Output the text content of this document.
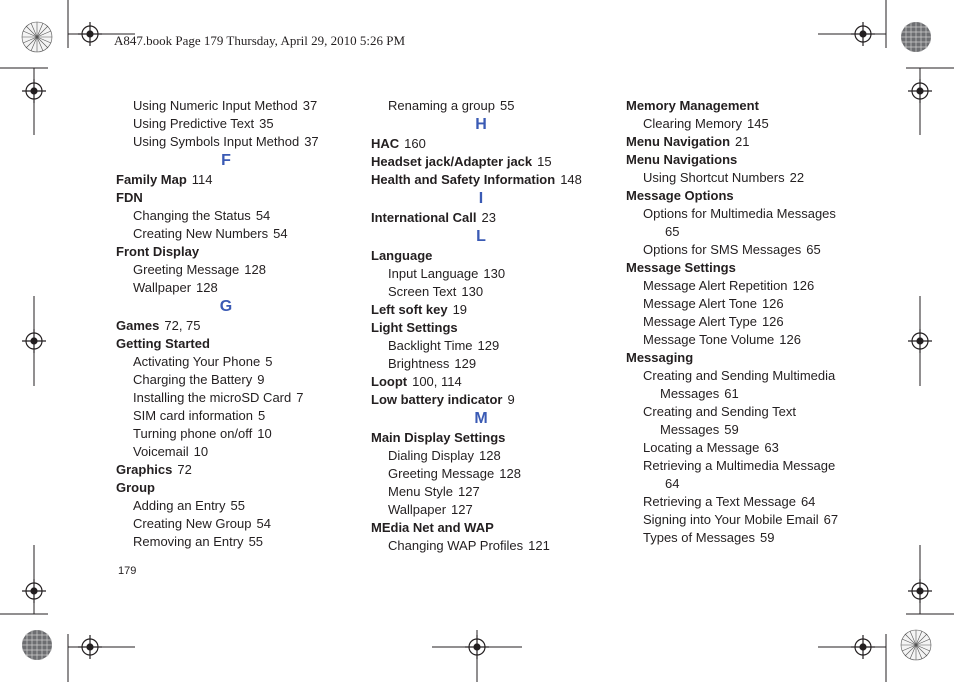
A847.book Page 179 Thursday, April 29, 2010 5:26 PM
Using Numeric Input Method 37
Using Predictive Text 35
Using Symbols Input Method 37
F
Family Map 114
FDN
Changing the Status 54
Creating New Numbers 54
Front Display
Greeting Message 128
Wallpaper 128
G
Games 72, 75
Getting Started
Activating Your Phone 5
Charging the Battery 9
Installing the microSD Card 7
SIM card information 5
Turning phone on/off 10
Voicemail 10
Graphics 72
Group
Adding an Entry 55
Creating New Group 54
Removing an Entry 55
Renaming a group 55
H
HAC 160
Headset jack/Adapter jack 15
Health and Safety Information 148
I
International Call 23
L
Language
Input Language 130
Screen Text 130
Left soft key 19
Light Settings
Backlight Time 129
Brightness 129
Loopt 100, 114
Low battery indicator 9
M
Main Display Settings
Dialing Display 128
Greeting Message 128
Menu Style 127
Wallpaper 127
MEdia Net and WAP
Changing WAP Profiles 121
Memory Management
Clearing Memory 145
Menu Navigation 21
Menu Navigations
Using Shortcut Numbers 22
Message Options
Options for Multimedia Messages
65
Options for SMS Messages 65
Message Settings
Message Alert Repetition 126
Message Alert Tone 126
Message Alert Type 126
Message Tone Volume 126
Messaging
Creating and Sending Multimedia
Messages 61
Creating and Sending Text
Messages 59
Locating a Message 63
Retrieving a Multimedia Message
64
Retrieving a Text Message 64
Signing into Your Mobile Email 67
Types of Messages 59
179
